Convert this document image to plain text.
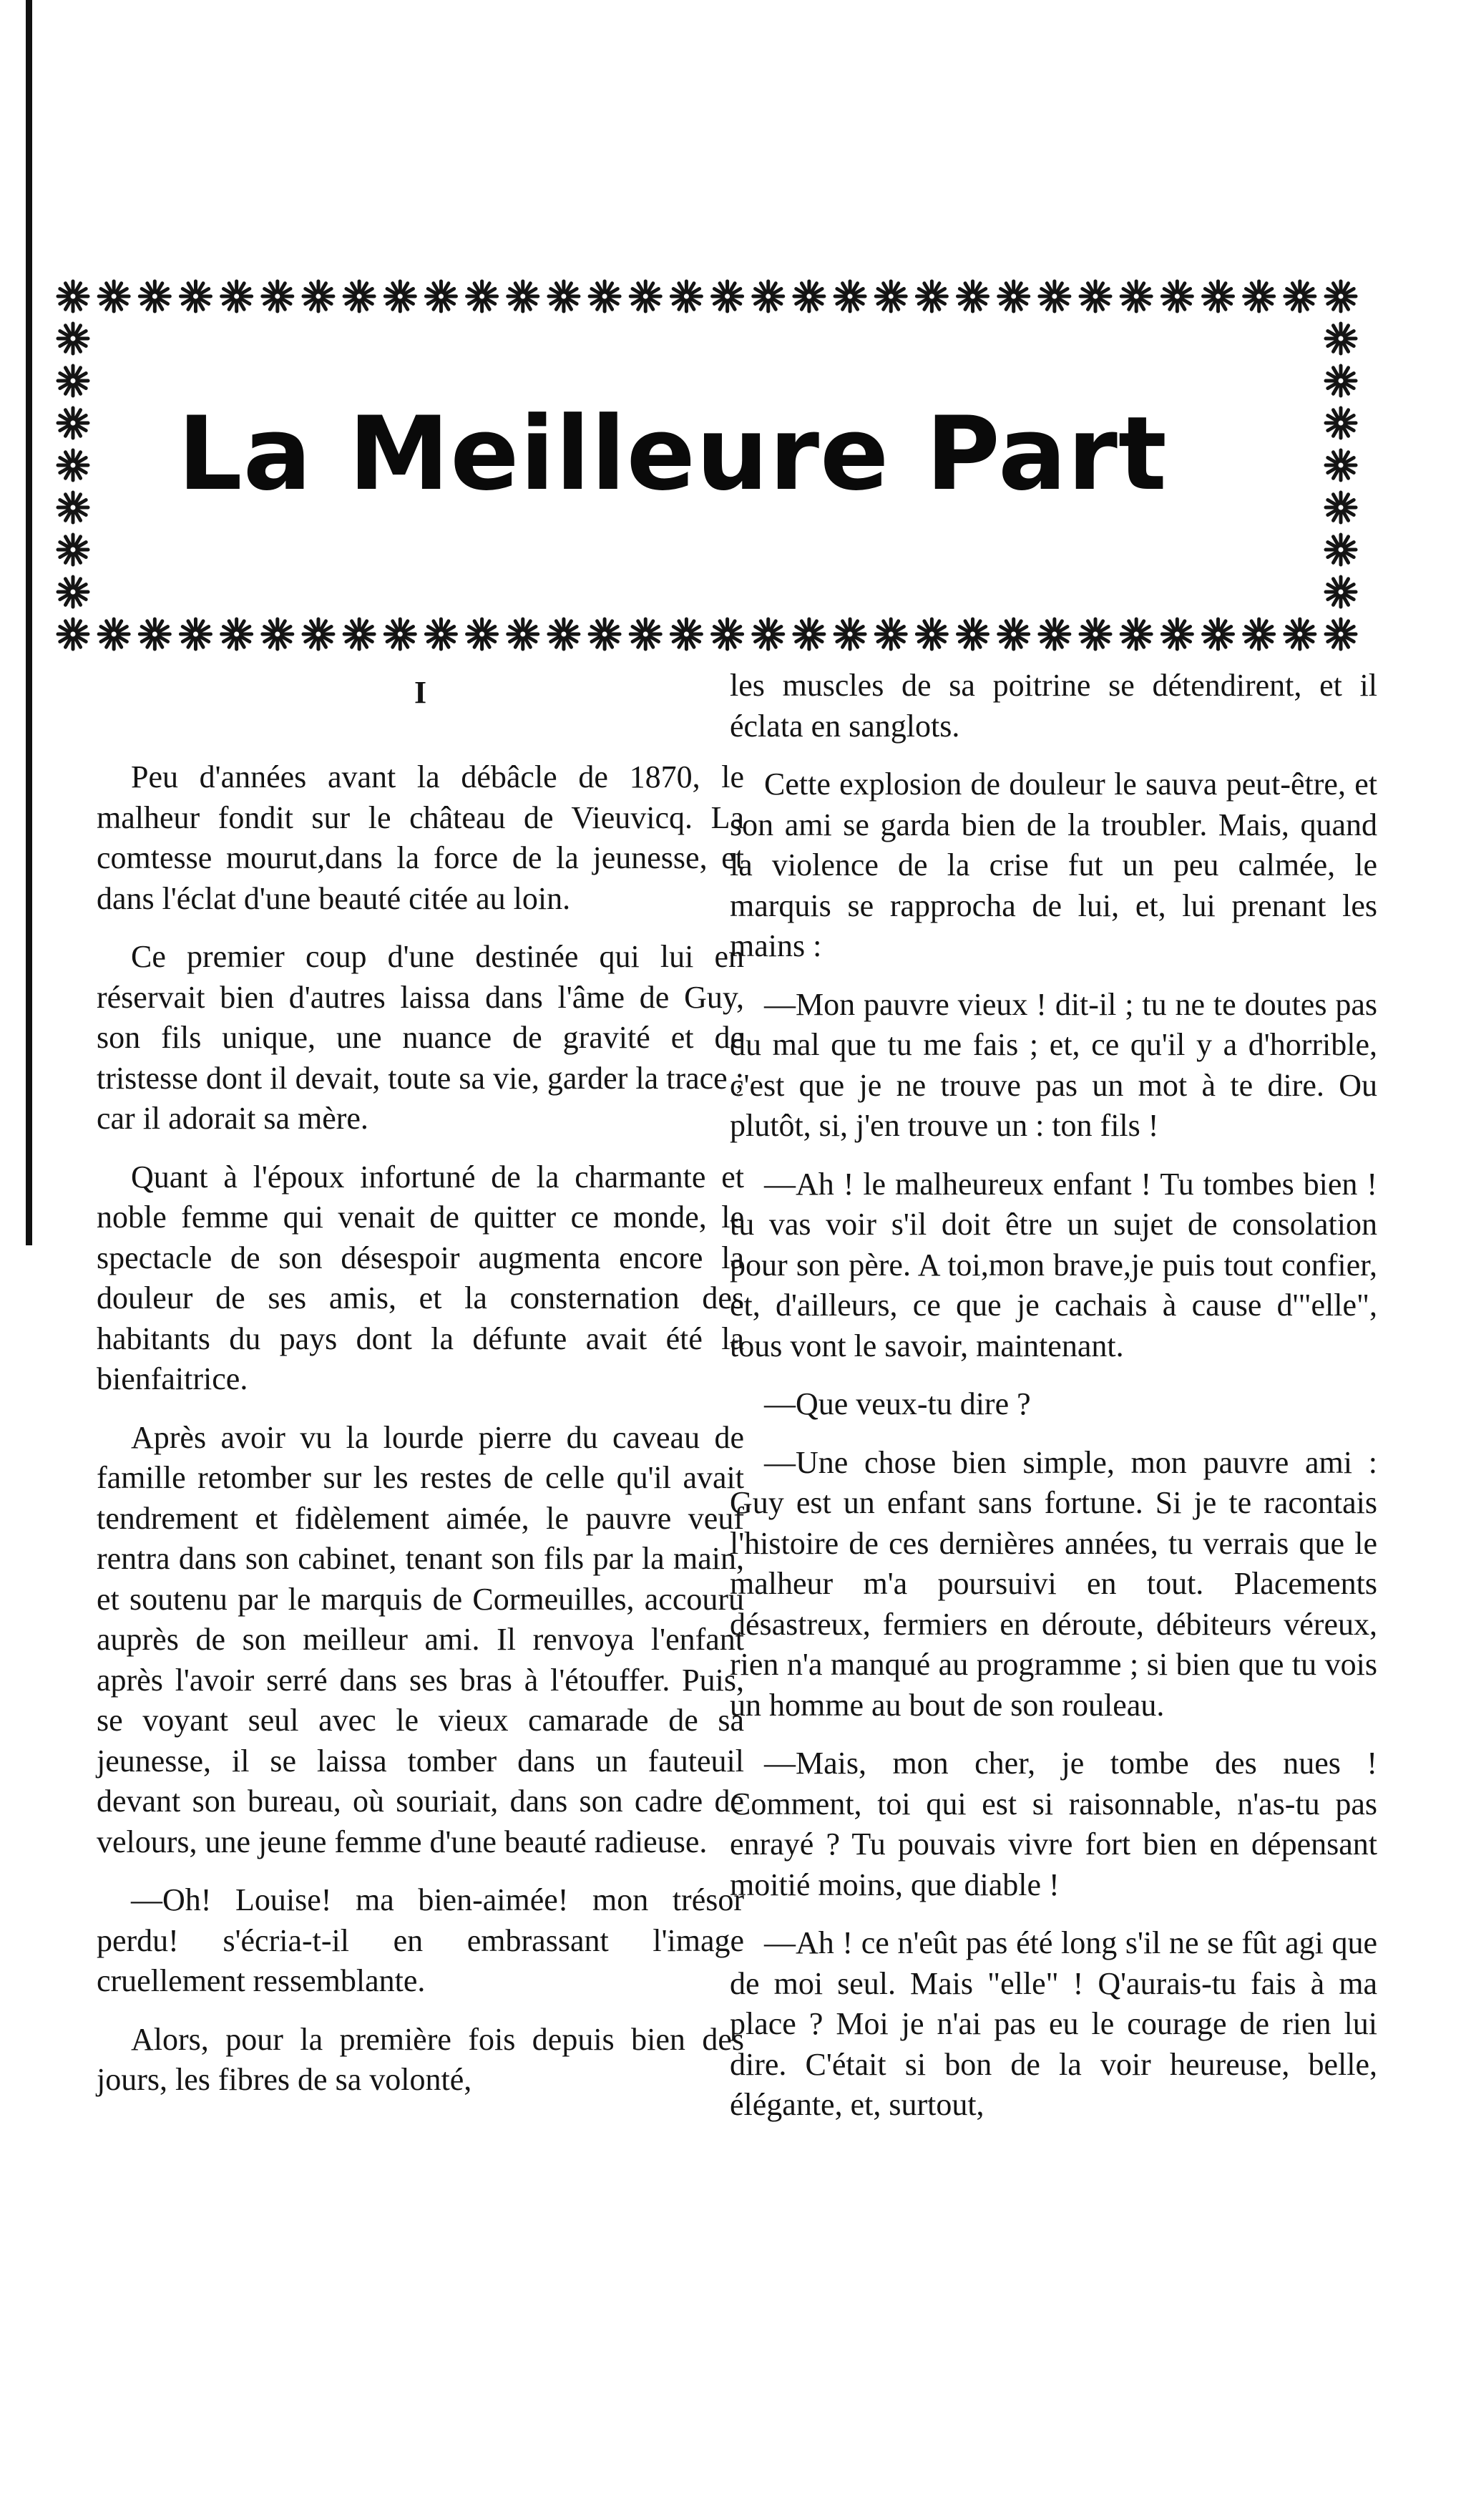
La Meilleure Part
I

Peu d'années avant la débâcle de 1870, le malheur fondit sur le château de Vieuvicq. La comtesse mourut,dans la force de la jeunesse, et dans l'éclat d'une beauté citée au loin.

Ce premier coup d'une destinée qui lui en réservait bien d'autres laissa dans l'âme de Guy, son fils unique, une nuance de gravité et de tristesse dont il devait, toute sa vie, garder la trace ; car il adorait sa mère.

Quant à l'époux infortuné de la charmante et noble femme qui venait de quitter ce monde, le spectacle de son désespoir augmenta encore la douleur de ses amis, et la consternation des habitants du pays dont la défunte avait été la bienfaitrice.

Après avoir vu la lourde pierre du caveau de famille retomber sur les restes de celle qu'il avait tendrement et fidèlement aimée, le pauvre veuf rentra dans son cabinet, tenant son fils par la main, et soutenu par le marquis de Cormeuilles, accouru auprès de son meilleur ami. Il renvoya l'enfant après l'avoir serré dans ses bras à l'étouffer. Puis, se voyant seul avec le vieux camarade de sa jeunesse, il se laissa tomber dans un fauteuil devant son bureau, où souriait, dans son cadre de velours, une jeune femme d'une beauté radieuse.

—Oh! Louise! ma bien-aimée! mon trésor perdu! s'écria-t-il en embrassant l'image cruellement ressemblante.

Alors, pour la première fois depuis bien des jours, les fibres de sa volonté,

les muscles de sa poitrine se détendirent, et il éclata en sanglots.

Cette explosion de douleur le sauva peut-être, et son ami se garda bien de la troubler. Mais, quand la violence de la crise fut un peu calmée, le marquis se rapprocha de lui, et, lui prenant les mains :

—Mon pauvre vieux ! dit-il ; tu ne te doutes pas du mal que tu me fais ; et, ce qu'il y a d'horrible, c'est que je ne trouve pas un mot à te dire. Ou plutôt, si, j'en trouve un : ton fils !

—Ah ! le malheureux enfant ! Tu tombes bien ! tu vas voir s'il doit être un sujet de consolation pour son père. A toi,mon brave,je puis tout confier, et, d'ailleurs, ce que je cachais à cause d'"elle", tous vont le savoir, maintenant.

—Que veux-tu dire ?

—Une chose bien simple, mon pauvre ami : Guy est un enfant sans fortune. Si je te racontais l'histoire de ces dernières années, tu verrais que le malheur m'a poursuivi en tout. Placements désastreux, fermiers en déroute, débiteurs véreux, rien n'a manqué au programme ; si bien que tu vois un homme au bout de son rouleau.

—Mais, mon cher, je tombe des nues ! Comment, toi qui est si raisonnable, n'as-tu pas enrayé ? Tu pouvais vivre fort bien en dépensant moitié moins, que diable !

—Ah ! ce n'eût pas été long s'il ne se fût agi que de moi seul. Mais "elle" ! Q'aurais-tu fais à ma place ? Moi je n'ai pas eu le courage de rien lui dire. C'était si bon de la voir heureuse, belle, élégante, et, surtout,
